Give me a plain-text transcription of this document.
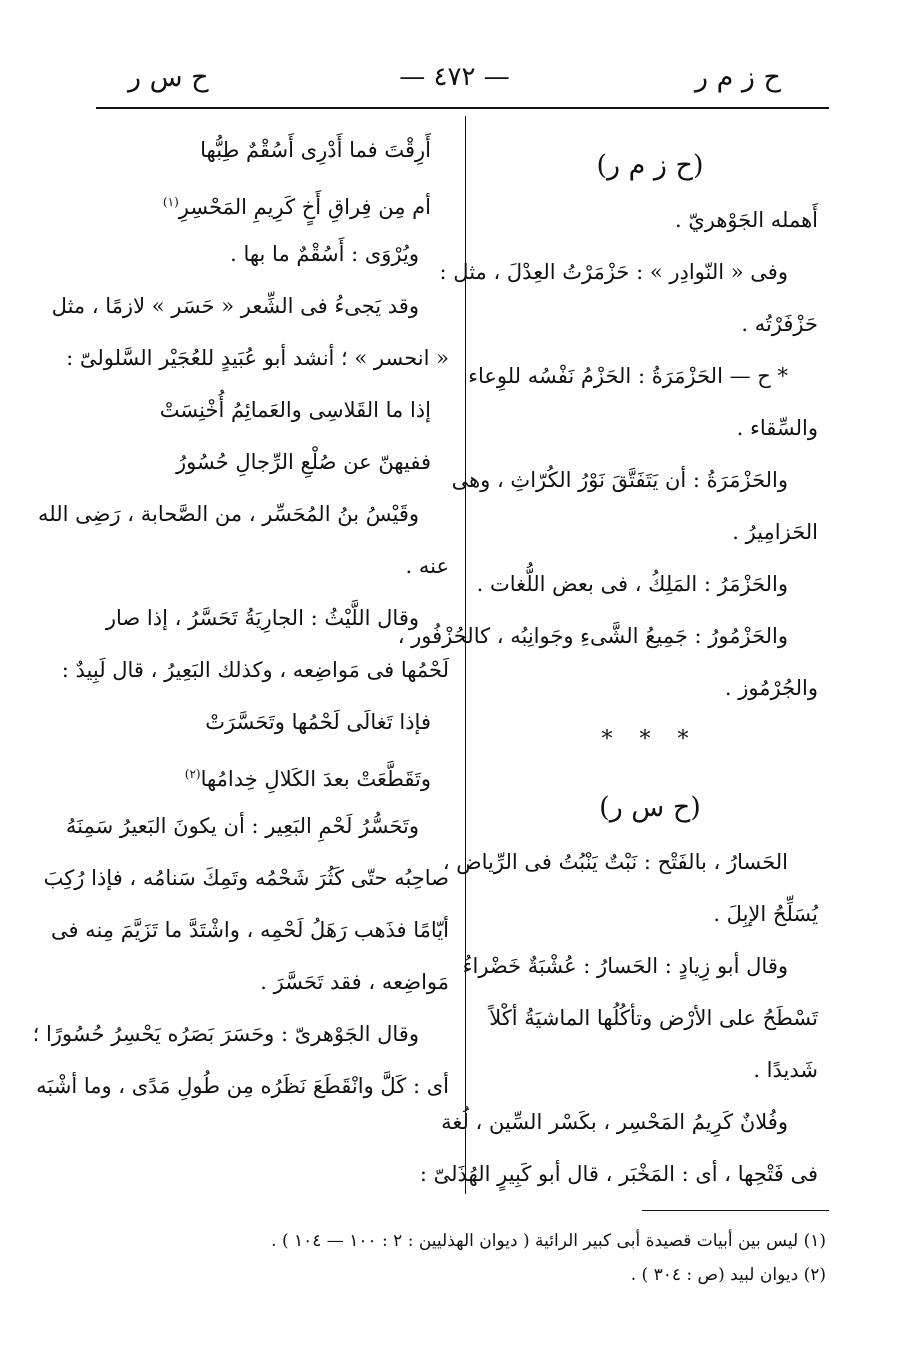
ح ز م ر
— ٤٧٢ —
ح س ر
(ح ز م ر)
أَهمله الجَوْهريّ .
وفى « النّوادِر » : حَزْمَرْتُ العِدْلَ ، مثل :
حَزْفَرْتُه .
* ح — الحَزْمَرَةُ : الحَزْمُ نَفْسُه للوِعاء
والسِّقاء .
والحَزْمَرَةُ : أن يَتَفَتَّقَ نَوْرُ الكُرّاثِ ، وهى
الحَزامِيرُ .
والحَزْمَرُ : المَلِكُ ، فى بعض اللُّغات .
والحَزْمُورُ : جَمِيعُ الشَّىءِ وجَوانِبُه ، كالحُزْفُور ،
والجُرْمُوز .
* * *
(ح س ر)
الحَسارُ ، بالفَتْح : نَبْتٌ يَنْبُتُ فى الرِّياض ،
يُسَلِّحُ الإبِلَ .
وقال أبو زِيادٍ : الحَسارُ : عُشْبَةٌ خَضْراءُ
تَسْطَحُ على الأرْض وتأكُلُها الماشيَةُ أكْلاً
شَديدًا .
وفُلانٌ كَرِيمُ المَحْسِر ، بكَسْر السِّين ، لُغة
فى فَتْحِها ، أى : المَخْبَر ، قال أبو كَبِيرٍ الهُذَلىّ :
أَرِقْتَ فما أَدْرِى أَسُقْمٌ طِبُّها
أم مِن فِراقِ أَخٍ كَرِيمِ المَحْسِرِ$^{(١)}$
ويُرْوَى : أَسُقْمٌ ما بها .
وقد يَجىءُ فى الشِّعر « حَسَر » لازمًا ، مثل
« انحسر » ؛ أنشد أبو عُبَيدٍ للعُجَيْر السَّلولىّ :
إذا ما القَلاسِى والعَمائِمُ أُخْنِسَتْ
ففيهنّ عن صُلْعِ الرِّجالِ حُسُورُ
وقَيْسُ بنُ المُحَسِّر ، من الصَّحابة ، رَضِى الله
عنه .
وقال اللَّيْثُ : الجارِيَةُ تَحَسَّرُ ، إذا صار
لَحْمُها فى مَواضِعه ، وكذلك البَعِيرُ ، قال لَبِيدٌ :
فإذا تَغالَى لَحْمُها وتَحَسَّرَتْ
وتَقَطَّعَتْ بعدَ الكَلالِ خِدامُها$^{(٢)}$
وتَحَسُّرُ لَحْمِ البَعِير : أن يكونَ البَعيرُ سَمِنَهُ
صاحِبُه حتّى كَثُرَ شَحْمُه وتَمِكَ سَنامُه ، فإذا رُكِبَ
أيّامًا فذَهب رَهَلُ لَحْمِه ، واشْتَدَّ ما تَزَيَّمَ مِنه فى
مَواضِعه ، فقد تَحَسَّرَ .
وقال الجَوْهرىّ : وحَسَرَ بَصَرُه يَحْسِرُ حُسُورًا ؛
أى : كَلَّ وانْقَطَعَ نَظَرُه مِن طُولِ مَدًى ، وما أشْبَه
(١) ليس بين أبيات قصيدة أبى كبير الرائية ( ديوان الهذليين : ٢ : ١٠٠ — ١٠٤ ) .
(٢) ديوان لبيد (ص : ٣٠٤ ) .
